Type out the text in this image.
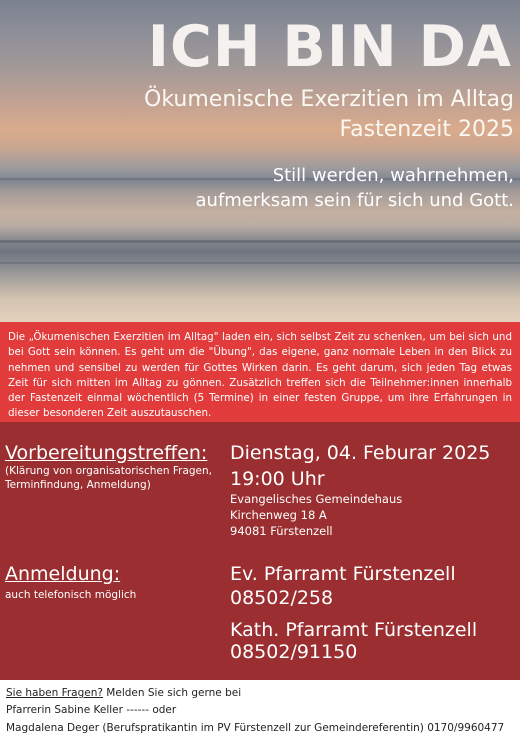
ICH BIN DA
Ökumenische Exerzitien im Alltag
Fastenzeit 2025
Still werden, wahrnehmen,
aufmerksam sein für sich und Gott.
Die „Ökumenischen Exerzitien im Alltag" laden ein, sich selbst Zeit zu schenken, um bei sich und bei Gott sein können. Es geht um die "Übung", das eigene, ganz normale Leben in den Blick zu nehmen und sensibel zu werden für Gottes Wirken darin. Es geht darum, sich jeden Tag etwas Zeit für sich mitten im Alltag zu gönnen. Zusätzlich treffen sich die Teilnehmer:innen innerhalb der Fastenzeit einmal wöchentlich (5 Termine) in einer festen Gruppe, um ihre Erfahrungen in dieser besonderen Zeit auszutauschen.
Vorbereitungstreffen:
(Klärung von organisatorischen Fragen,
Terminfindung, Anmeldung)
Dienstag, 04. Feburar 2025
19:00 Uhr
Evangelisches Gemeindehaus
Kirchenweg 18 A
94081 Fürstenzell
Anmeldung:
auch telefonisch möglich
Ev. Pfarramt Fürstenzell
08502/258
Kath. Pfarramt Fürstenzell
08502/91150
Sie haben Fragen? Melden Sie sich gerne bei
Pfarrerin Sabine Keller ------ oder
Magdalena Deger (Berufspratikantin im PV Fürstenzell zur Gemeindereferentin) 0170/9960477
